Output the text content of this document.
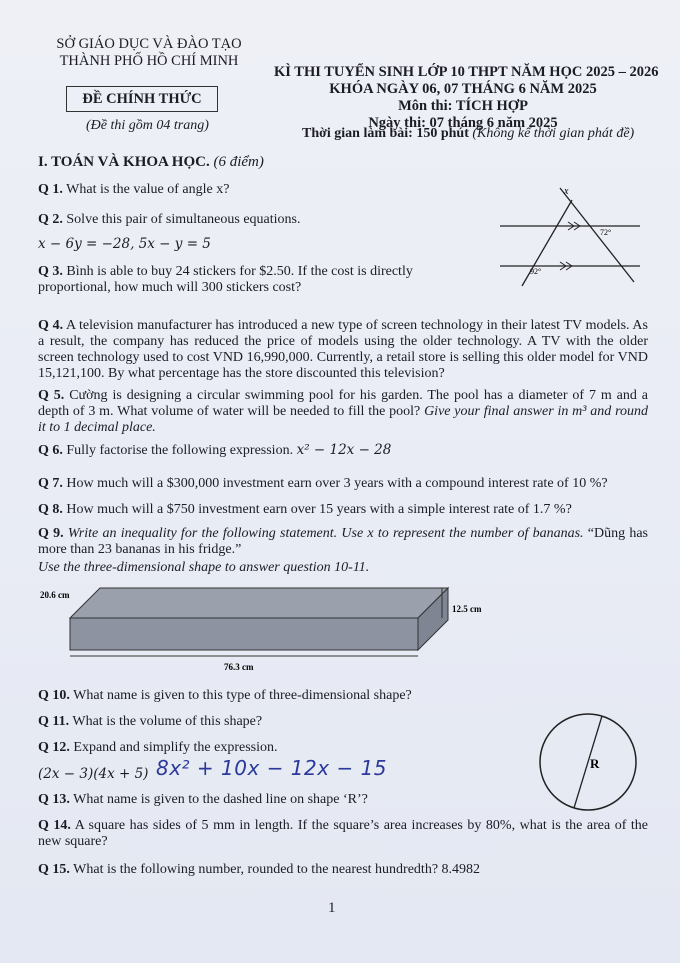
SỞ GIÁO DỤC VÀ ĐÀO TẠO
THÀNH PHỐ HỒ CHÍ MINH
ĐỀ CHÍNH THỨC
(Đề thi gồm 04 trang)
KÌ THI TUYỂN SINH LỚP 10 THPT NĂM HỌC 2025 – 2026
KHÓA NGÀY 06, 07 THÁNG 6 NĂM 2025
Môn thi: TÍCH HỢP
Ngày thi: 07 tháng 6 năm 2025
Thời gian làm bài: 150 phút (Không kể thời gian phát đề)
I. TOÁN VÀ KHOA HỌC. (6 điểm)
Q 1. What is the value of angle x?
Q 2. Solve this pair of simultaneous equations.
x − 6y = −28, 5x − y = 5
Q 3. Bình is able to buy 24 stickers for $2.50. If the cost is directly proportional, how much will 300 stickers cost?
x
72°
92°
Q 4. A television manufacturer has introduced a new type of screen technology in their latest TV models. As a result, the company has reduced the price of models using the older technology. A TV with the older screen technology used to cost VND 16,990,000. Currently, a retail store is selling this older model for VND 15,121,100. By what percentage has the store discounted this television?
Q 5. Cường is designing a circular swimming pool for his garden. The pool has a diameter of 7 m and a depth of 3 m. What volume of water will be needed to fill the pool? Give your final answer in m³ and round it to 1 decimal place.
Q 6. Fully factorise the following expression. x² − 12x − 28
Q 7. How much will a $300,000 investment earn over 3 years with a compound interest rate of 10 %?
Q 8. How much will a $750 investment earn over 15 years with a simple interest rate of 1.7 %?
Q 9. Write an inequality for the following statement. Use x to represent the number of bananas. “Dũng has more than 23 bananas in his fridge.”
Use the three-dimensional shape to answer question 10-11.
20.6 cm
12.5 cm
76.3 cm
Q 10. What name is given to this type of three-dimensional shape?
Q 11. What is the volume of this shape?
Q 12. Expand and simplify the expression.
(2x − 3)(4x + 5) 8x² + 10x − 12x − 15
Q 13. What name is given to the dashed line on shape ‘R’?
R
Q 14. A square has sides of 5 mm in length. If the square’s area increases by 80%, what is the area of the new square?
Q 15. What is the following number, rounded to the nearest hundredth? 8.4982
1
